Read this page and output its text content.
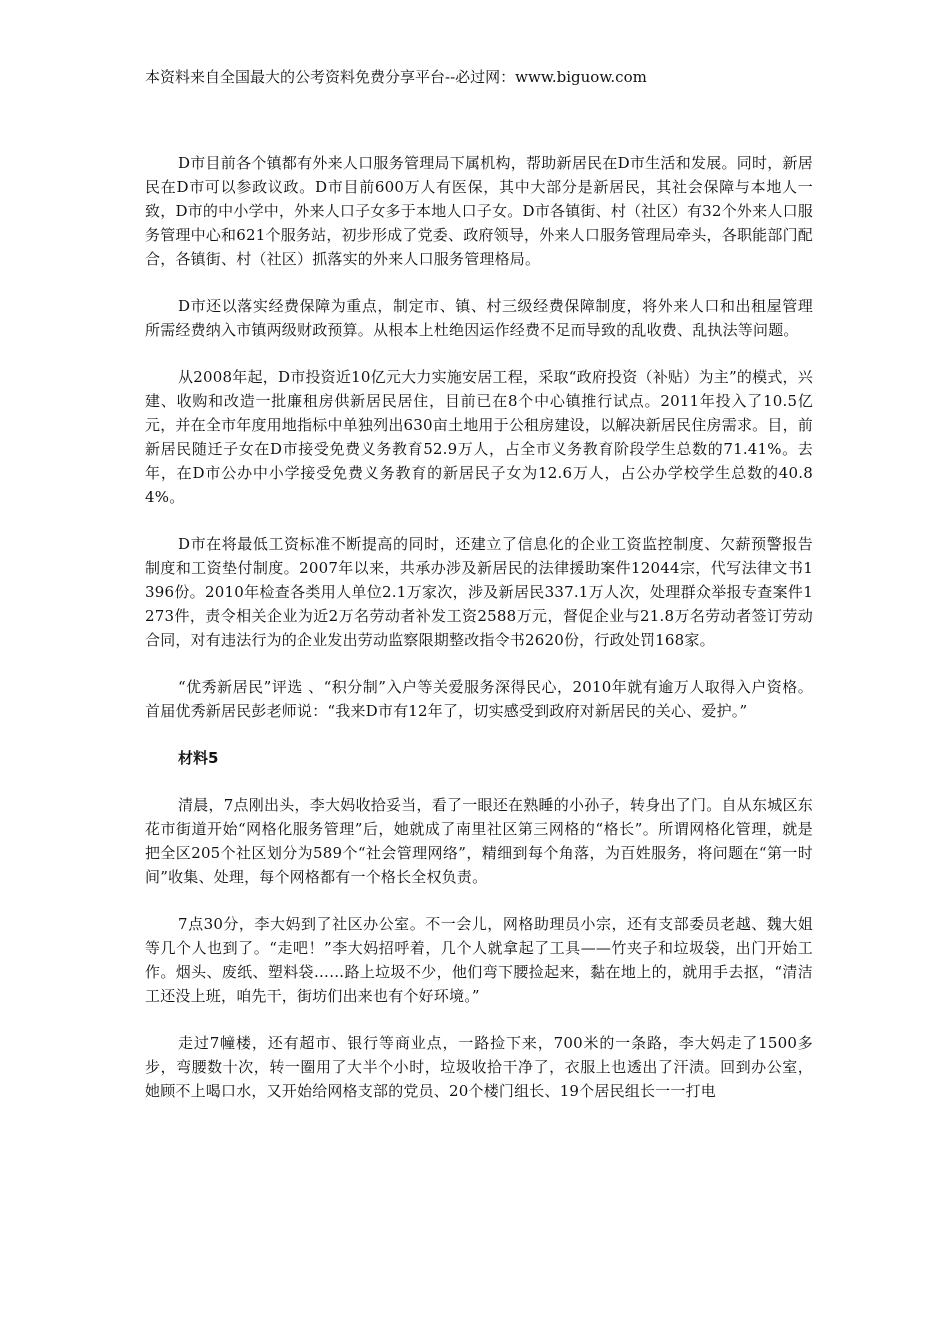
本资料来自全国最大的公考资料免费分享平台--必过网：www.biguow.com

D市目前各个镇都有外来人口服务管理局下属机构，帮助新居民在D市生活和发展。同时，新居民在D市可以参政议政。D市目前600万人有医保，其中大部分是新居民，其社会保障与本地人一致，D市的中小学中，外来人口子女多于本地人口子女。D市各镇街、村（社区）有32个外来人口服务管理中心和621个服务站，初步形成了党委、政府领导，外来人口服务管理局牵头，各职能部门配合，各镇街、村（社区）抓落实的外来人口服务管理格局。

D市还以落实经费保障为重点，制定市、镇、村三级经费保障制度，将外来人口和出租屋管理所需经费纳入市镇两级财政预算。从根本上杜绝因运作经费不足而导致的乱收费、乱执法等问题。

从2008年起，D市投资近10亿元大力实施安居工程，采取“政府投资（补贴）为主”的模式，兴建、收购和改造一批廉租房供新居民居住，目前已在8个中心镇推行试点。2011年投入了10.5亿元，并在全市年度用地指标中单独列出630亩土地用于公租房建设，以解决新居民住房需求。目，前新居民随迁子女在D市接受免费义务教育52.9万人，占全市义务教育阶段学生总数的71.41%。去年，在D市公办中小学接受免费义务教育的新居民子女为12.6万人，占公办学校学生总数的40.84%。

D市在将最低工资标准不断提高的同时，还建立了信息化的企业工资监控制度、欠薪预警报告制度和工资垫付制度。2007年以来，共承办涉及新居民的法律援助案件12044宗，代写法律文书1396份。2010年检查各类用人单位2.1万家次，涉及新居民337.1万人次，处理群众举报专查案件1273件，责令相关企业为近2万名劳动者补发工资2588万元，督促企业与21.8万名劳动者签订劳动合同，对有违法行为的企业发出劳动监察限期整改指令书2620份，行政处罚168家。

“优秀新居民”评选 、“积分制”入户等关爱服务深得民心，2010年就有逾万人取得入户资格。首届优秀新居民彭老师说：“我来D市有12年了，切实感受到政府对新居民的关心、爱护。”

材料5

清晨，7点刚出头，李大妈收拾妥当，看了一眼还在熟睡的小孙子，转身出了门。自从东城区东花市街道开始“网格化服务管理”后，她就成了南里社区第三网格的“格长”。所谓网格化管理，就是把全区205个社区划分为589个“社会管理网络”，精细到每个角落，为百姓服务，将问题在“第一时间”收集、处理，每个网格都有一个格长全权负责。

7点30分，李大妈到了社区办公室。不一会儿，网格助理员小宗，还有支部委员老越、魏大姐等几个人也到了。“走吧！”李大妈招呼着，几个人就拿起了工具——竹夹子和垃圾袋，出门开始工作。烟头、废纸、塑料袋……路上垃圾不少，他们弯下腰捡起来，黏在地上的，就用手去抠，“清洁工还没上班，咱先干，街坊们出来也有个好环境。”

走过7幢楼，还有超市、银行等商业点，一路捡下来，700米的一条路，李大妈走了1500多步，弯腰数十次，转一圈用了大半个小时，垃圾收拾干净了，衣服上也透出了汗渍。回到办公室，她顾不上喝口水，又开始给网格支部的党员、20个楼门组长、19个居民组长一一打电
